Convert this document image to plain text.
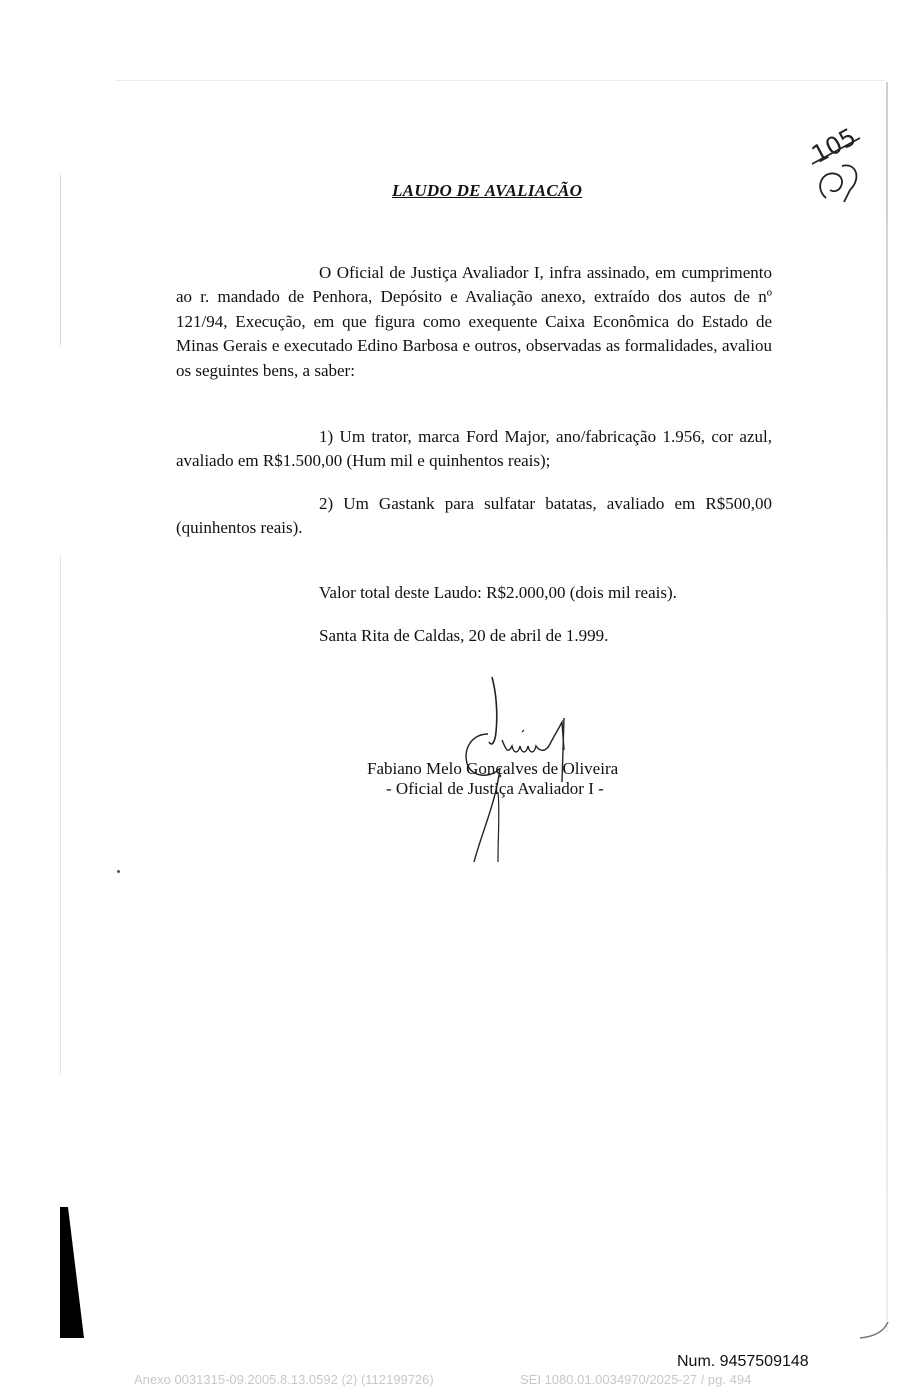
105
LAUDO DE AVALIACÃO
O Oficial de Justiça Avaliador I, infra assinado, em cumprimento ao r. mandado de Penhora, Depósito e Avaliação anexo, extraído dos autos de nº 121/94, Execução, em que figura como exequente Caixa Econômica do Estado de Minas Gerais e executado Edino Barbosa e outros, observadas as formalidades, avaliou os seguintes bens, a saber:
1) Um trator, marca Ford Major, ano/fabricação 1.956, cor azul, avaliado em R$1.500,00 (Hum mil e quinhentos reais);
2) Um Gastank para sulfatar batatas, avaliado em R$500,00 (quinhentos reais).
Valor total deste Laudo: R$2.000,00 (dois mil reais).
Santa Rita de Caldas, 20 de abril de 1.999.
Fabiano Melo Gonçalves de Oliveira
- Oficial de Justiça Avaliador I -
Num. 9457509148
Anexo 0031315-09.2005.8.13.0592 (2) (112199726)	SEI 1080.01.0034970/2025-27 / pg. 494
